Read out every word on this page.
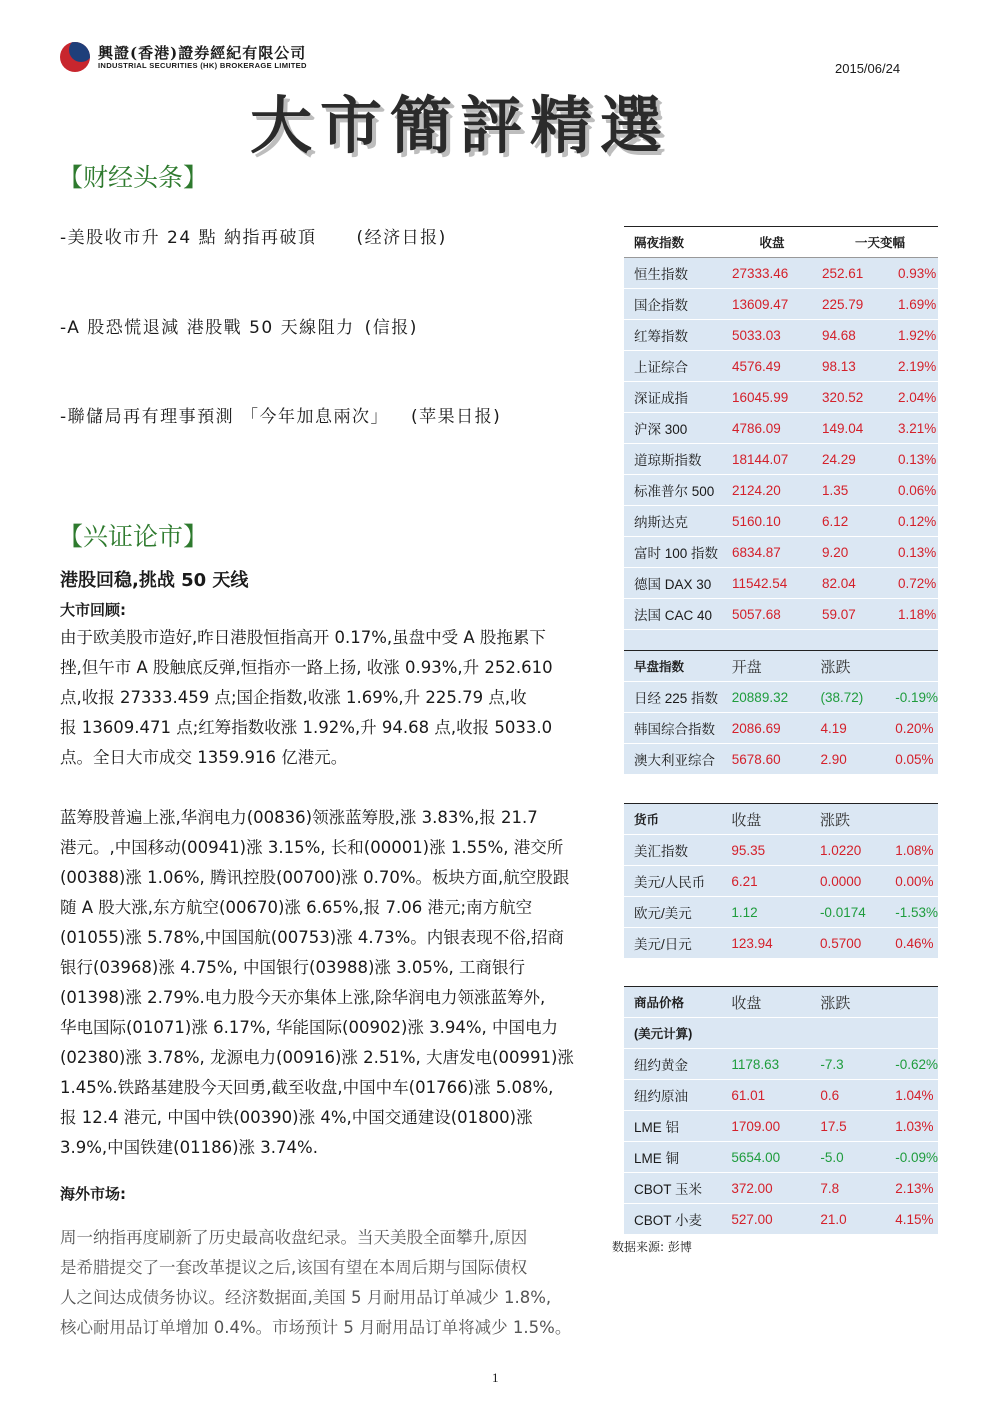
興證(香港)證券經紀有限公司
INDUSTRIAL SECURITIES (HK) BROKERAGE LIMITED	2015/06/24
大市簡評精選
【财经头条】
-美股收市升 24 點 納指再破頂 (经济日报)
-A 股恐慌退減 港股戰 50 天線阻力 (信报)
-聯儲局再有理事預測 「今年加息兩次」 (苹果日报)
【兴证论市】
港股回稳,挑战 50 天线
大市回顾:
由于欧美股市造好,昨日港股恒指高开 0.17%,虽盘中受 A 股拖累下
挫,但午市 A 股触底反弹,恒指亦一路上扬, 收涨 0.93%,升 252.610
点,收报 27333.459 点;国企指数,收涨 1.69%,升 225.79 点,收
报 13609.471 点;红筹指数收涨 1.92%,升 94.68 点,收报 5033.0
点。全日大市成交 1359.916 亿港元。
蓝筹股普遍上涨,华润电力(00836)领涨蓝筹股,涨 3.83%,报 21.7
港元。,中国移动(00941)涨 3.15%, 长和(00001)涨 1.55%, 港交所
(00388)涨 1.06%, 腾讯控股(00700)涨 0.70%。板块方面,航空股跟
随 A 股大涨,东方航空(00670)涨 6.65%,报 7.06 港元;南方航空
(01055)涨 5.78%,中国国航(00753)涨 4.73%。内银表现不俗,招商
银行(03968)涨 4.75%, 中国银行(03988)涨 3.05%, 工商银行
(01398)涨 2.79%.电力股今天亦集体上涨,除华润电力领涨蓝筹外,
华电国际(01071)涨 6.17%, 华能国际(00902)涨 3.94%, 中国电力
(02380)涨 3.78%, 龙源电力(00916)涨 2.51%, 大唐发电(00991)涨
1.45%.铁路基建股今天回勇,截至收盘,中国中车(01766)涨 5.08%,
报 12.4 港元, 中国中铁(00390)涨 4%,中国交通建设(01800)涨
3.9%,中国铁建(01186)涨 3.74%.
海外市场:
周一纳指再度刷新了历史最高收盘纪录。当天美股全面攀升,原因
是希腊提交了一套改革提议之后,该国有望在本周后期与国际债权
人之间达成债务协议。经济数据面,美国 5 月耐用品订单减少 1.8%,
核心耐用品订单增加 0.4%。市场预计 5 月耐用品订单将减少 1.5%。
隔夜指数	收盘	一天变幅	
恒生指数	27333.46	252.61	0.93%
国企指数	13609.47	225.79	1.69%
红筹指数	5033.03	94.68	1.92%
上证综合	4576.49	98.13	2.19%
深证成指	16045.99	320.52	2.04%
沪深 300	4786.09	149.04	3.21%
道琼斯指数	18144.07	24.29	0.13%
标准普尔 500	2124.20	1.35	0.06%
纳斯达克	5160.10	6.12	0.12%
富时 100 指数	6834.87	9.20	0.13%
德国 DAX 30	11542.54	82.04	0.72%
法国 CAC 40	5057.68	59.07	1.18%

早盘指数	开盘	涨跌	
日经 225 指数	20889.32	(38.72)	-0.19%
韩国综合指数	2086.69	4.19	0.20%
澳大利亚综合	5678.60	2.90	0.05%
货币	收盘	涨跌	
美汇指数	95.35	1.0220	1.08%
美元/人民币	6.21	0.0000	0.00%
欧元/美元	1.12	-0.0174	-1.53%
美元/日元	123.94	0.5700	0.46%
商品价格	收盘	涨跌	
(美元计算)			
纽约黄金	1178.63	-7.3	-0.62%
纽约原油	61.01	0.6	1.04%
LME 铝	1709.00	17.5	1.03%
LME 铜	5654.00	-5.0	-0.09%
CBOT 玉米	372.00	7.8	2.13%
CBOT 小麦	527.00	21.0	4.15%
数据来源: 彭博
1
